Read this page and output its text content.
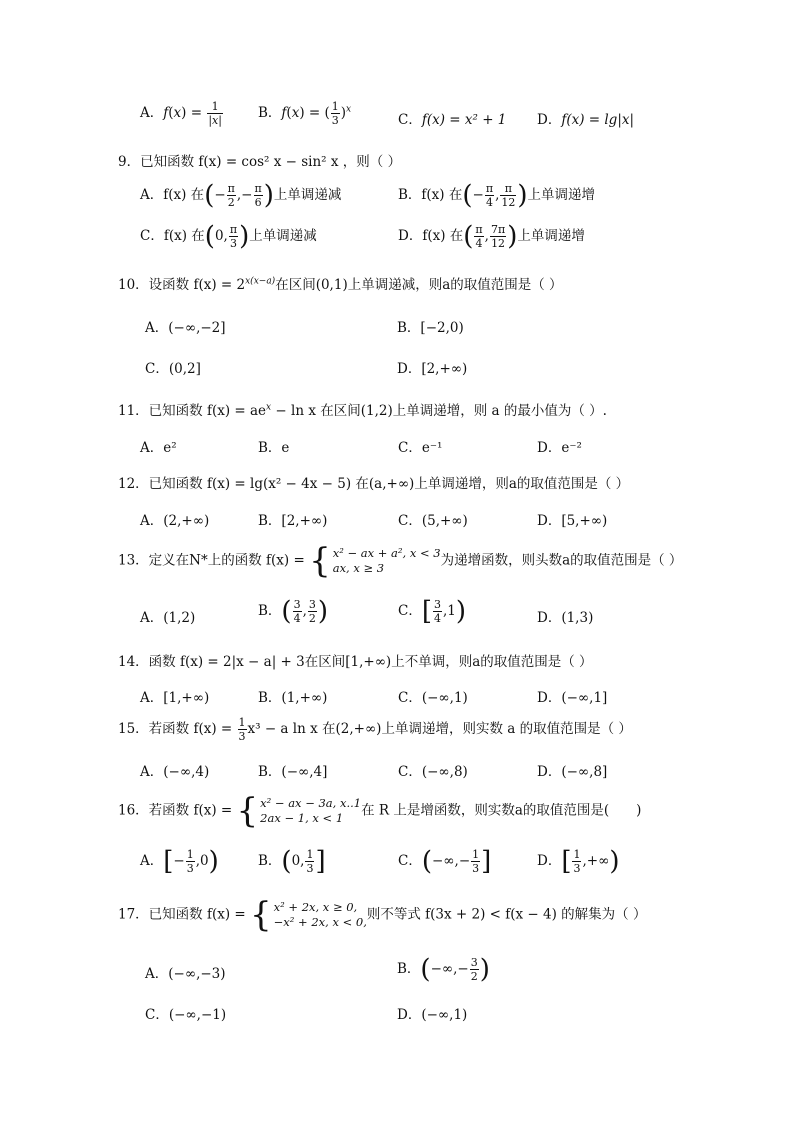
A．$f(x) = \frac{1}{|x|}$	B．f(x) = ( $\frac{1}{3} )^x$
C．f(x) = x² + 1 D．f(x) = lg|x|
9．已知函数 f(x) = cos² x − sin² x ，则（ ）
A．f(x) 在(− $\frac{\pi}{2}$ ,− $\frac{\pi}{6}$ )上单调递减	B．f(x) 在(− $\frac{\pi}{4}$ , $\frac{\pi}{12}$ )上单调递增
C．f(x) 在(0, $\frac{\pi}{3}$ )上单调递减	D．f(x) 在( $\frac{\pi}{4}$ , $\frac{7\pi}{12}$ )上单调递增
10．设函数 $f(x) = 2^{x(x-a)}$在区间(0,1)上单调递减，则a的取值范围是（ ）
A．(−∞,−2]	B．[−2,0)
C．(0,2]	D．[2,+∞)
11．已知函数 $f(x) = ae^x - \ln x$ 在区间(1,2)上单调递增，则 a 的最小值为（ ）.
A．e²	B．e	C．e⁻¹	D．e⁻²
12．已知函数 f(x) = lg(x² − 4x − 5) 在(a,+∞)上单调递增，则a的取值范围是（ ）
A．(2,+∞)	B．[2,+∞)	C．(5,+∞)	D．[5,+∞)
13．定义在N*上的函数 f(x) = { x² − ax + a², x < 3
ax, x ≥ 3	为递增函数，则头数a的取值范围是（ ）
A．(1,2)	B．( $\frac{3}{4}$ , $\frac{3}{2}$ )	C．[ $\frac{3}{4} ,1$)	D．(1,3)
14．函数 f(x) = 2|x − a| + 3在区间[1,+∞)上不单调，则a的取值范围是（ ）
A．[1,+∞)	B．(1,+∞)	C．(−∞,1)	D．(−∞,1]
15．若函数 $f(x) = \frac{1}{3} x^3 - a$ ln x 在(2,+∞)上单调递增，则实数 a 的取值范围是（ ）
A．(−∞,4)	B．(−∞,4]	C．(−∞,8)	D．(−∞,8]
16．若函数 f(x) = { x² − ax − 3a, x..1
2ax − 1, x < 1	在 R 上是增函数，则实数a的取值范围是(　　)
A．[− $\frac{1}{3} ,0$)	B．(0, $\frac{1}{3}$ ]	C．(−∞,− $\frac{1}{3}$ ]	D．[ $\frac{1}{3}$ ,+∞)
17．已知函数 f(x) = { x² + 2x, x ≥ 0,
−x² + 2x, x < 0, 则不等式 f(3x + 2) < f(x − 4) 的解集为（ ）
A．(−∞,−3)	B．(−∞,− $\frac{3}{2}$ )
C．(−∞,−1)	D．(−∞,1)
